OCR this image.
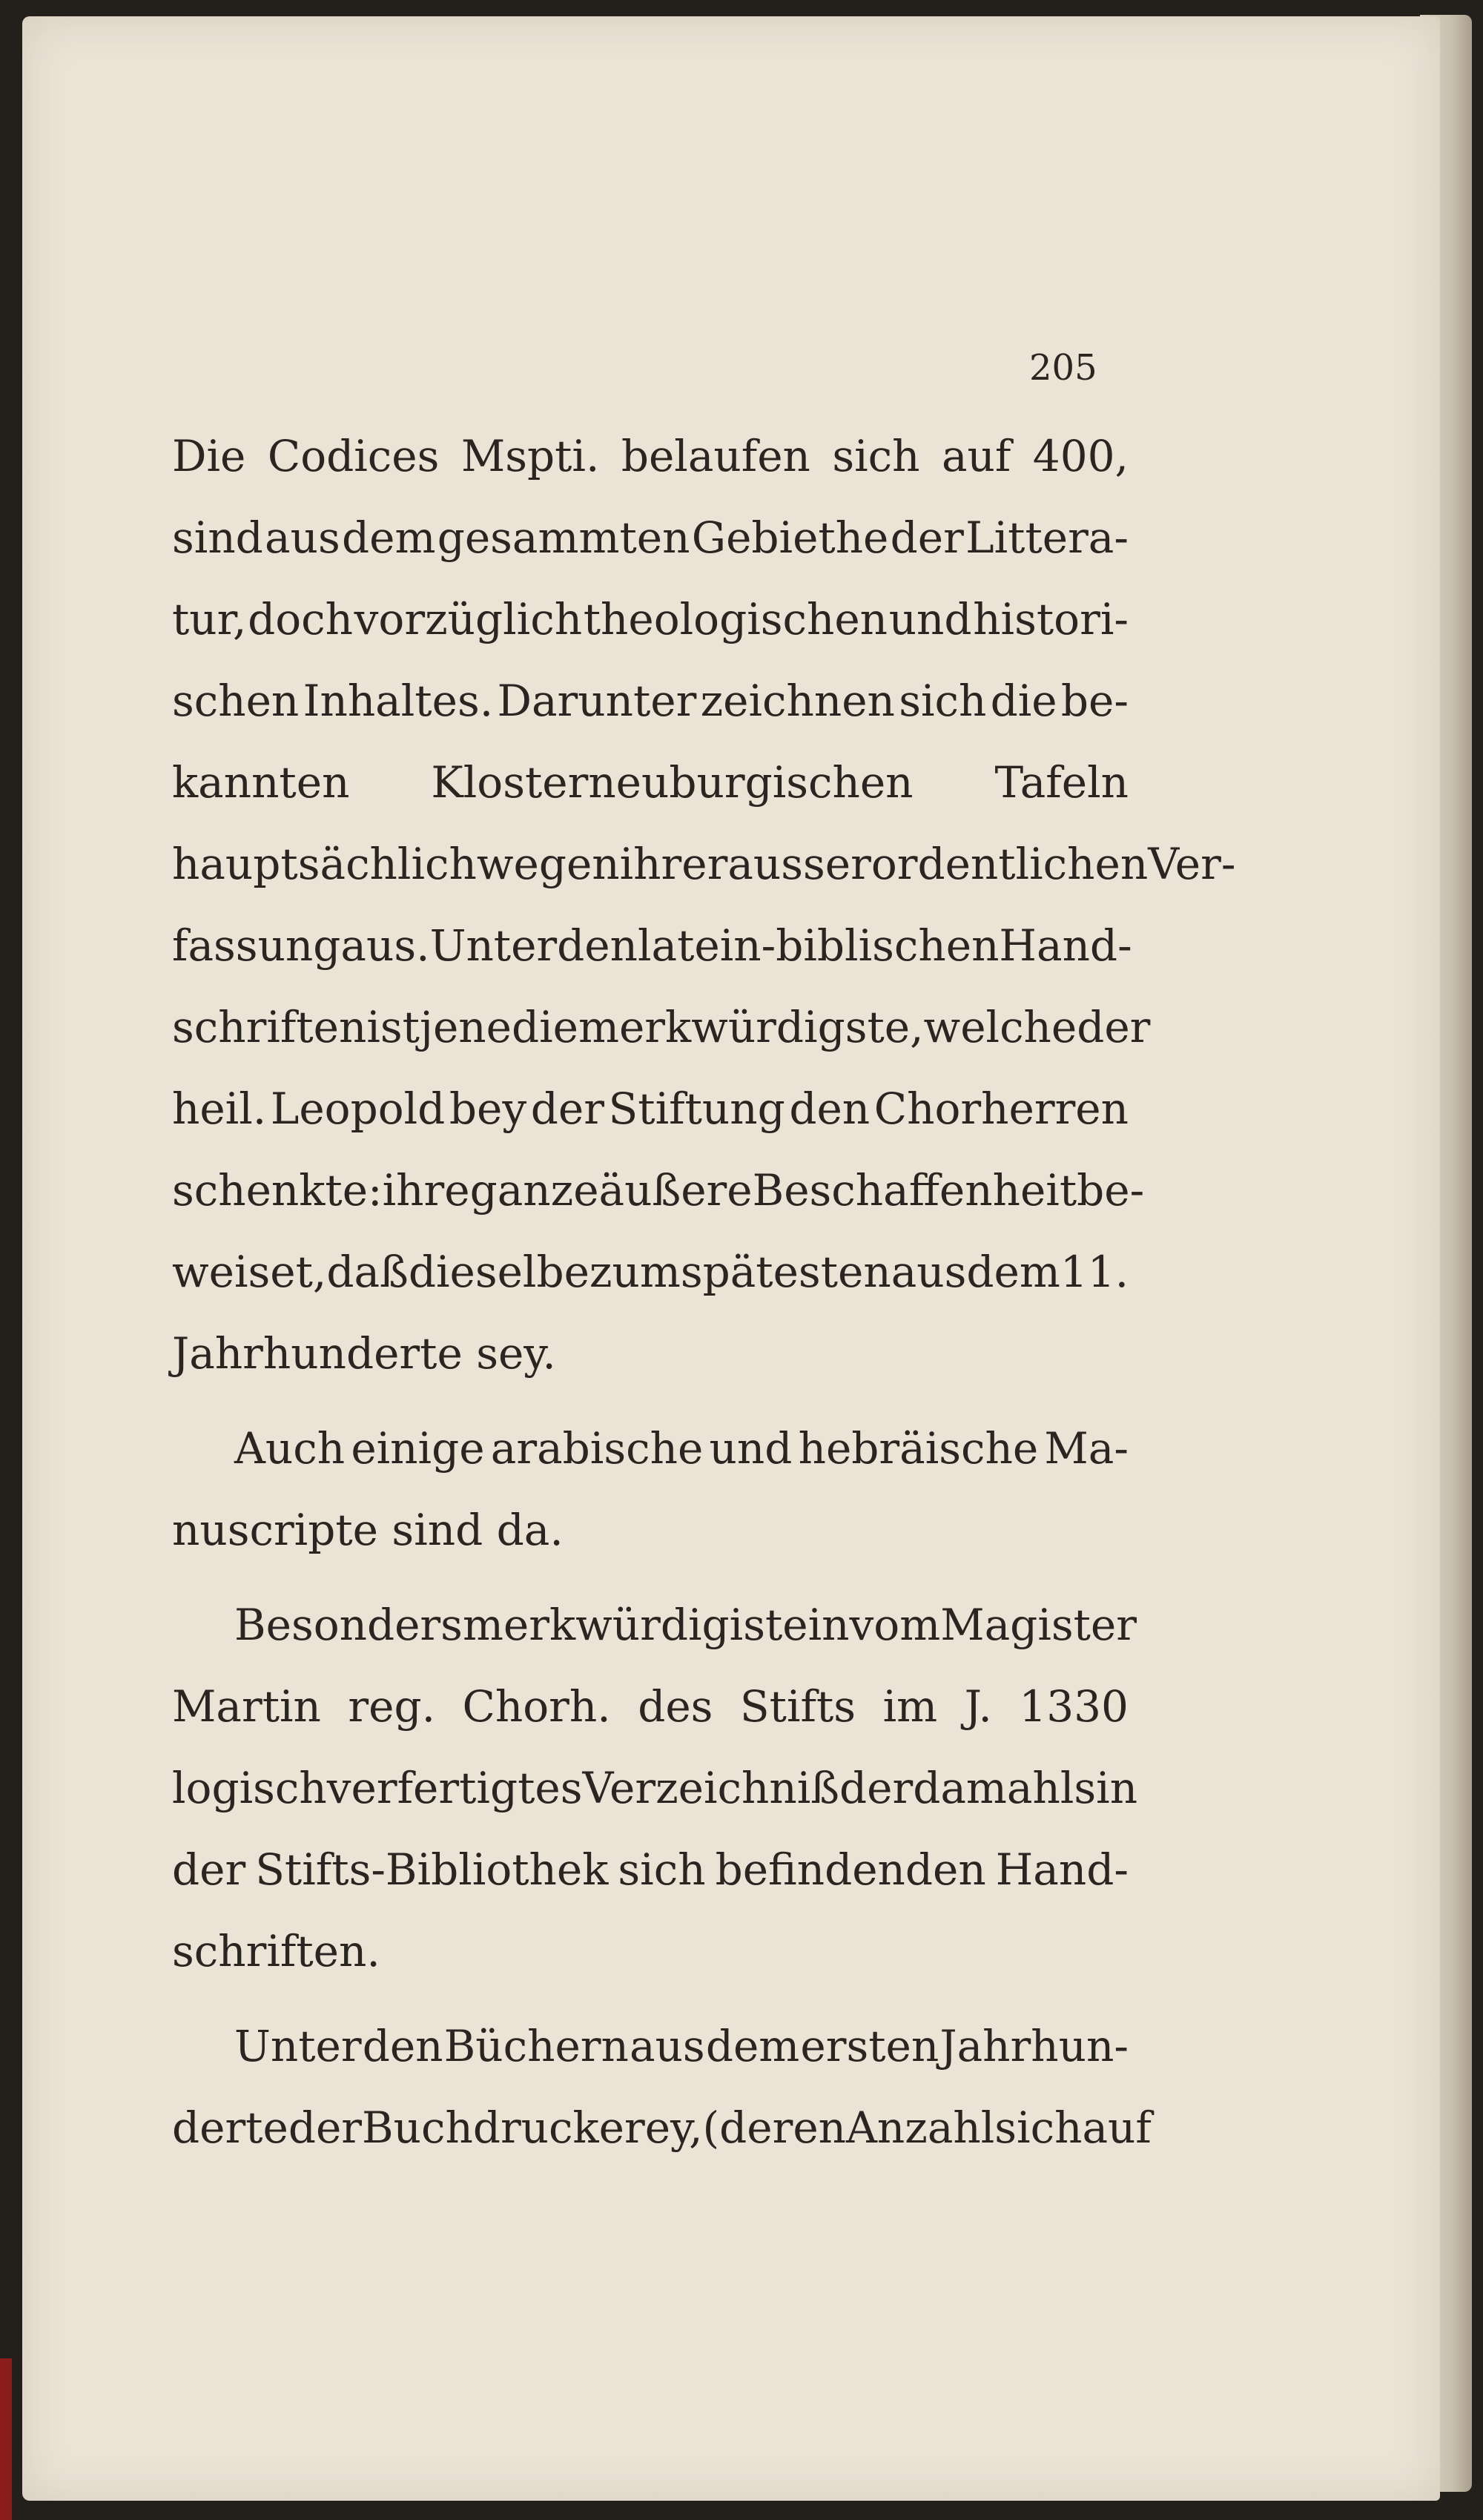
205
Die Codices Mspti. belaufen sich auf 400,
sind aus dem gesammten Gebiethe der Littera-
tur, doch vorzüglich theologischen und histori-
schen Inhaltes. Darunter zeichnen sich die be-
kannten Klosterneuburgischen Tafeln
hauptsächlich wegen ihrer ausserordentlichen Ver-
fassung aus. Unter den latein-biblischen Hand-
schriften ist jene die merkwürdigste, welche der
heil. Leopold bey der Stiftung den Chorherren
schenkte: ihre ganze äußere Beschaffenheit be-
weiset, daß dieselbe zum spätesten aus dem 11.
Jahrhunderte sey.
Auch einige arabische und hebräische Ma-
nuscripte sind da.
Besonders merkwürdig ist ein vom Magister
Martin reg. Chorh. des Stifts im J. 1330
logisch verfertigtes Verzeichniß der damahls in
der Stifts-Bibliothek sich befindenden Hand-
schriften.
Unter den Büchern aus dem ersten Jahrhun-
derte der Buchdruckerey, (deren Anzahl sich auf
